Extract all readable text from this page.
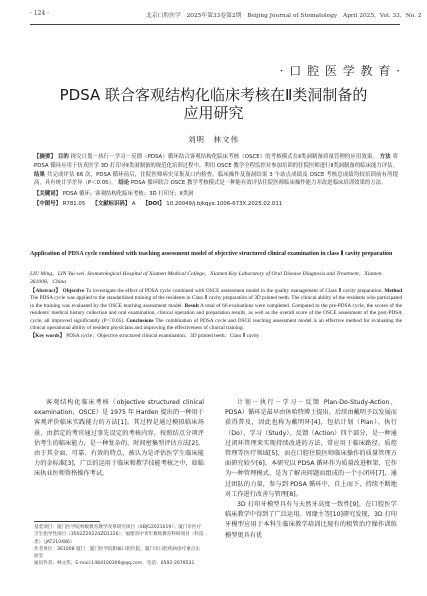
· 124 ·	北京口腔医学　2025年第33卷第2期　Beijing Journal of Stomatology　April 2025，Vol. 33，No. 2
· 口 腔 医 学 教 育 ·
PDSA 联合客观结构化临床考核在Ⅱ类洞制备的
应用研究
刘明　林文伟
【摘要】 目的 探究计划－执行－学习－反馈（PDSA）循环结合客观结构化临床考核（OSCE）的考核模式在Ⅱ类洞制备质量管理的应用效果。 方法 将 PDSA 循环应用于仿真医学 3D 打印牙Ⅱ类洞制备的规范化培训过程中，利用 OSCE 教学全程监控对参加培训的住院医师进行Ⅱ类洞制备的临床能力评估。 结果 共完成评估 66 次，PDSA 循环前后，住院医师病史采集及口内检查、临床操作及备洞结果 3 个站点成绩及 OSCE 考核总成绩均较培训前有所提高，具有统计学差异（P＜0.05）。 结论 PDSA 循环联合 OSCE 教学考核模式是一种能有效评估住院医师临床操作能力并改进临床培训效果的方法。
【关键词】 PDSA 循环；客观结构化临床考核；3D 打印牙；Ⅱ类洞
【中图号】 R781.05　 【文献标识码】 A　 【DOI】 10.20049/j.bjkqyx.1006-673X.2025.02.011
Application of PDSA cycle combined with teaching assessment model of objective structured clinical examination in class Ⅱ cavity preparation
LIU Ming，LIN Yui-wei. Stomatological Hospital of Xiamen Medical College，Xiamen Key Laboratory of Oral Disease Diagnosis and Treatment，Xiamen 361008，China
【Abstract】 Objective To investigate the effect of PDSA cycle combined with OSCE assessment model in the quality management of Class Ⅱ cavity preparation. Method The PDSA cycle was applied to the standardized training of the residents in Class Ⅱ cavity preparation of 3D printed teeth. The clinical ability of the residents who participated in the training was evaluated by the OSCE teaching assessment model. Result A total of 66 evaluations were completed. Compared to the pre-PDSA cycle, the scores of the residents' medical history collection and oral examination, clinical operation and preparation results, as well as the overall score of the OSCE assessment of the post-PDSA cycle, all improved significantly (P＜0.05). Conclusions The combination of PDSA cycle and OSCE teaching assessment model is an effective method for evaluating the clinical operational ability of resident physicians and improving the effectiveness of clinical training.
【Key words】 PDSA cycle；Objective structured clinical examination；3D printed teeth；Class Ⅱ cavity

客观结构化临床考核（objective structured clinical examination，OSCE）是 1975 年 Harden 提出的一种用于客观评价临床实践能力的方法[1]。其过程是通过模拟临床场景，由指定的考官通过事先设定的考核内容，按照结点分项评估考生的临床能力，是一种复杂的、时间密集型评估方法[2]。由于其全面、可靠、有效的特点，被认为是评估医学生临床能力的金标准[3]，广泛的运用于临床和教学技能考核之中，如临床执业医师资格操作考试。

计划－执行－学习－反馈 Plan-Do-Study-Action，PDSA）循环是最早由休哈特博士提出，后续由戴明予以发展而获得普及，因此也称为戴明环[4]，包括计划（Plan）、执行（Do）、学习（Study）、反馈（Action）四个部分，是一种通过闭环管理来实现持续改进的方法，常应用于临床路径、质控管理等医疗领域[5]，而在口腔住院医师临床操作的质量管理方面研究较少[6]。本研究以 PDSA 循环作为质量改进框架，它作为一种管理模式，是为了解决问题而组成的一个小闭环[7]，通过团队的力量，参与到 PDSA 循环中，自上而下，持续不断地对工作进行改善与管理[8]。

3D 打印牙模型具有与天然牙高度一致性[9]，在口腔医学临床教学中得到了广泛运用。周缘主等[10]研究发现，3D 打印牙模型应用于本科生临床教学培训比现有的根管治疗操作训练模型更具有优

基金项目：厦门医学院校级教育教学改革研究项目（XBJG2021019）；厦门市医疗卫生指导性项目（3502Z20224ZD1326）；福建省中青年教师教育科研项目（科技类）（JAT210486）
作者单位：361008 厦门　厦门医学院附属口腔医院，厦门市口腔疾病诊疗重点实验室
通讯作者：林文伟，E-mail:1484100306@qq.com，电话：0592-2678531
